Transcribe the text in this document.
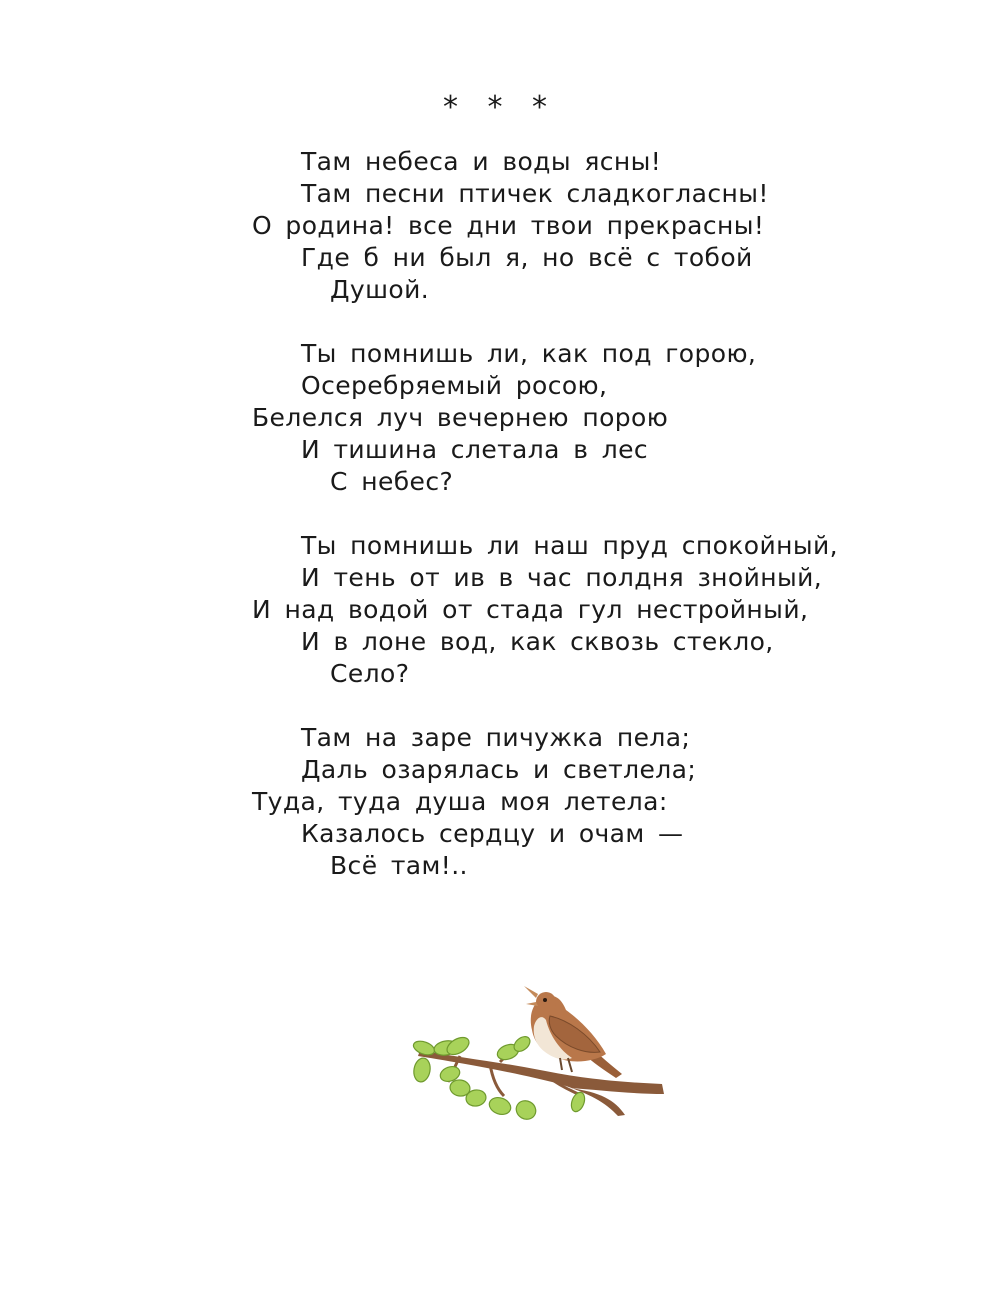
* * *
Там небеса и воды ясны!
Там песни птичек сладкогласны!
О родина! все дни твои прекрасны!
Где б ни был я, но всё с тобой
Душой.
Ты помнишь ли, как под горою,
Осеребряемый росою,
Белелся луч вечернею порою
И тишина слетала в лес
С небес?
Ты помнишь ли наш пруд спокойный,
И тень от ив в час полдня знойный,
И над водой от стада гул нестройный,
И в лоне вод, как сквозь стекло,
Село?
Там на заре пичужка пела;
Даль озарялась и светлела;
Туда, туда душа моя летела:
Казалось сердцу и очам —
Всё там!..
